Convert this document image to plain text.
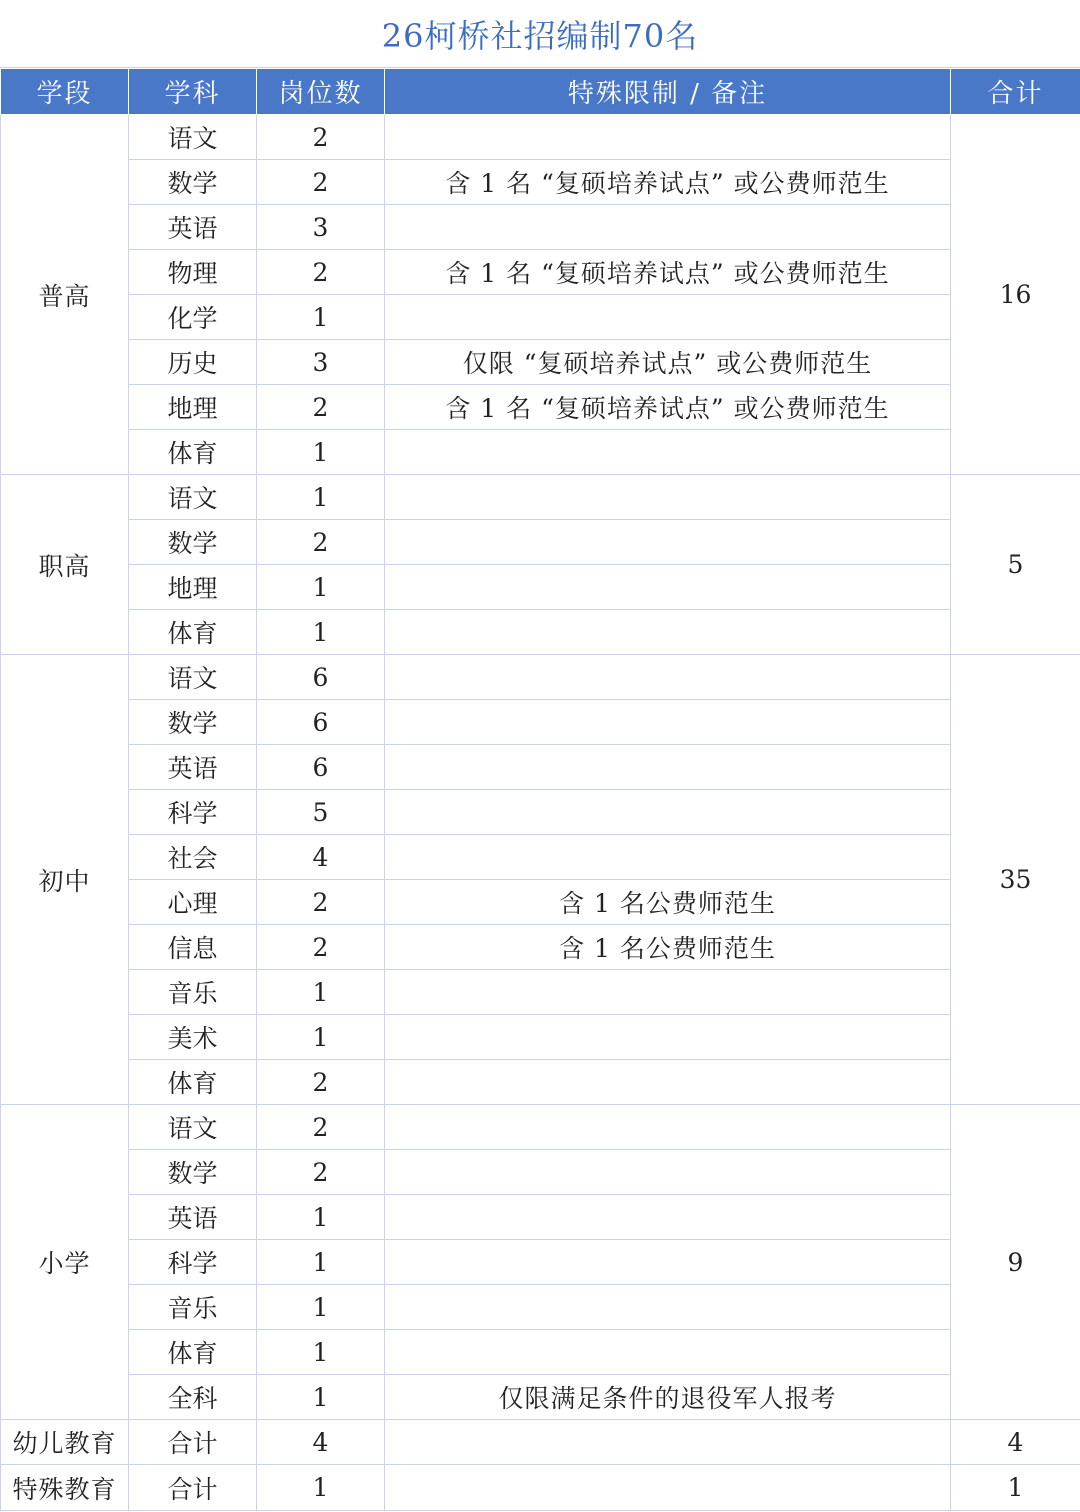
26柯桥社招编制70名
学段	学科	岗位数	特殊限制 / 备注	合计
普高	语文	2		16
	数学	2	含 1 名 “复硕培养试点” 或公费师范生	
	英语	3		
	物理	2	含 1 名 “复硕培养试点” 或公费师范生	
	化学	1		
	历史	3	仅限 “复硕培养试点” 或公费师范生	
	地理	2	含 1 名 “复硕培养试点” 或公费师范生	
	体育	1		
职高	语文	1		5
	数学	2		
	地理	1		
	体育	1		
初中	语文	6		35
	数学	6		
	英语	6		
	科学	5		
	社会	4		
	心理	2	含 1 名公费师范生	
	信息	2	含 1 名公费师范生	
	音乐	1		
	美术	1		
	体育	2		
小学	语文	2		9
	数学	2		
	英语	1		
	科学	1		
	音乐	1		
	体育	1		
	全科	1	仅限满足条件的退役军人报考	
幼儿教育	合计	4		4
特殊教育	合计	1		1
